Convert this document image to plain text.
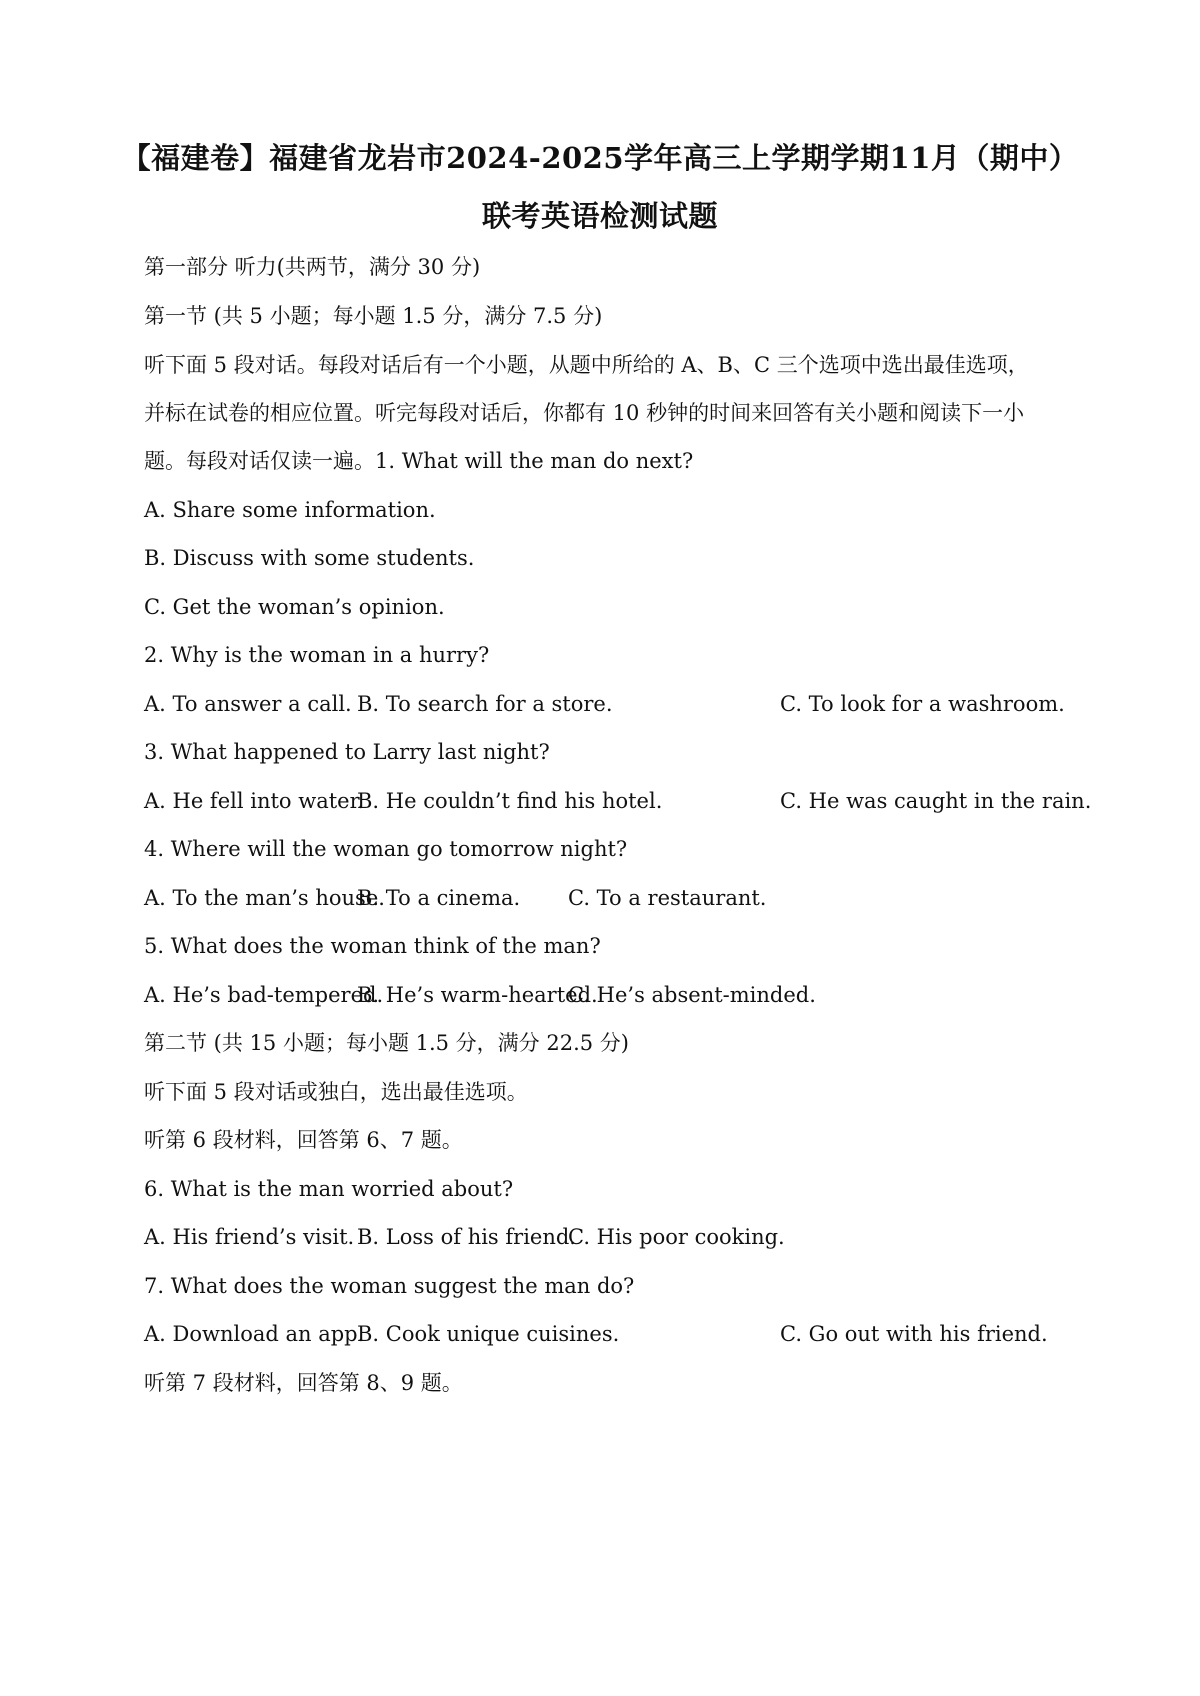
【福建卷】福建省龙岩市2024-2025学年高三上学期学期11月（期中）
联考英语检测试题
第一部分 听力(共两节，满分 30 分)
第一节 (共 5 小题；每小题 1.5 分，满分 7.5 分)
听下面 5 段对话。每段对话后有一个小题，从题中所给的 A、B、C 三个选项中选出最佳选项，
并标在试卷的相应位置。听完每段对话后，你都有 10 秒钟的时间来回答有关小题和阅读下一小
题。每段对话仅读一遍。1. What will the man do next?
A. Share some information.
B. Discuss with some students.
C. Get the woman’s opinion.
2. Why is the woman in a hurry?
A. To answer a call. B. To search for a store.	C. To look for a washroom.
3. What happened to Larry last night?
A. He fell into water.
B. He couldn’t find his hotel.	C. He was caught in the rain.
4. Where will the woman go tomorrow night?
A. To the man’s house.
B. To a cinema. C. To a restaurant.
5. What does the woman think of the man?
A. He’s bad-tempered.
B. He’s warm-hearted.
C. He’s absent-minded.
第二节 (共 15 小题；每小题 1.5 分，满分 22.5 分)
听下面 5 段对话或独白，选出最佳选项。
听第 6 段材料，回答第 6、7 题。
6. What is the man worried about?
A. His friend’s visit. B. Loss of his friend.
C. His poor cooking.
7. What does the woman suggest the man do?
A. Download an app.
B. Cook unique cuisines.	C. Go out with his friend.
听第 7 段材料，回答第 8、9 题。
